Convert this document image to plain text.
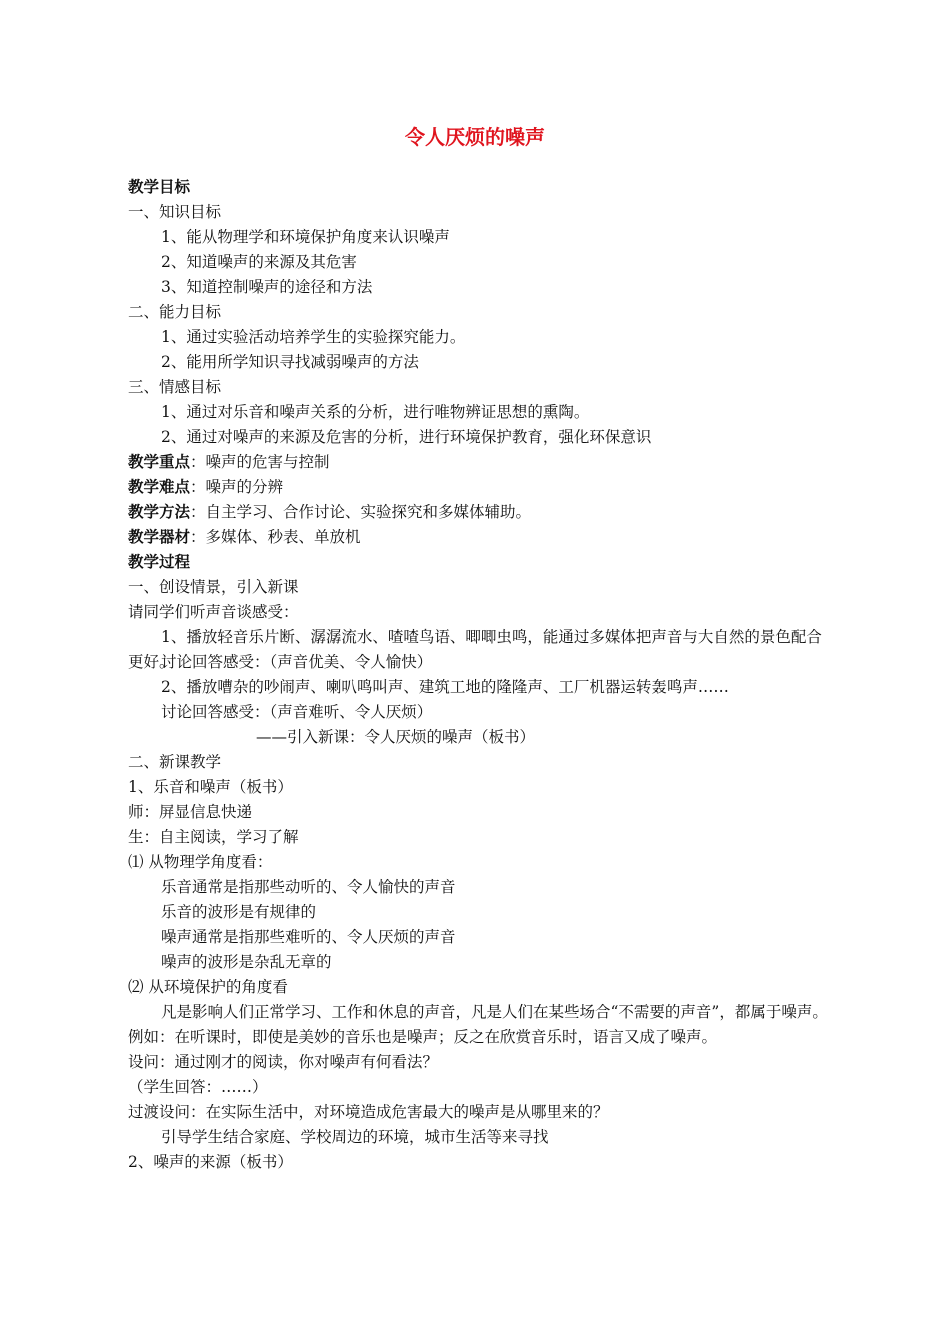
令人厌烦的噪声
教学目标
一、知识目标
1、能从物理学和环境保护角度来认识噪声
2、知道噪声的来源及其危害
3、知道控制噪声的途径和方法
二、能力目标
1、通过实验活动培养学生的实验探究能力。
2、能用所学知识寻找减弱噪声的方法
三、情感目标
1、通过对乐音和噪声关系的分析，进行唯物辨证思想的熏陶。
2、通过对噪声的来源及危害的分析，进行环境保护教育，强化环保意识
教学重点：噪声的危害与控制
教学难点：噪声的分辨
教学方法：自主学习、合作讨论、实验探究和多媒体辅助。
教学器材：多媒体、秒表、单放机
教学过程
一、创设情景，引入新课
请同学们听声音谈感受：
1、播放轻音乐片断、潺潺流水、喳喳鸟语、唧唧虫鸣，能通过多媒体把声音与大自然的景色配合更好。
讨论回答感受：（声音优美、令人愉快）
2、播放嘈杂的吵闹声、喇叭鸣叫声、建筑工地的隆隆声、工厂机器运转轰鸣声……
讨论回答感受：（声音难听、令人厌烦）
——引入新课：令人厌烦的噪声（板书）
二、新课教学
1、乐音和噪声（板书）
师：屏显信息快递
生：自主阅读，学习了解
⑴ 从物理学角度看：
乐音通常是指那些动听的、令人愉快的声音
乐音的波形是有规律的
噪声通常是指那些难听的、令人厌烦的声音
噪声的波形是杂乱无章的
⑵ 从环境保护的角度看
凡是影响人们正常学习、工作和休息的声音，凡是人们在某些场合“不需要的声音”，都属于噪声。
例如：在听课时，即使是美妙的音乐也是噪声；反之在欣赏音乐时，语言又成了噪声。
设问：通过刚才的阅读，你对噪声有何看法？
（学生回答：……）
过渡设问：在实际生活中，对环境造成危害最大的噪声是从哪里来的？
引导学生结合家庭、学校周边的环境，城市生活等来寻找
2、噪声的来源（板书）
